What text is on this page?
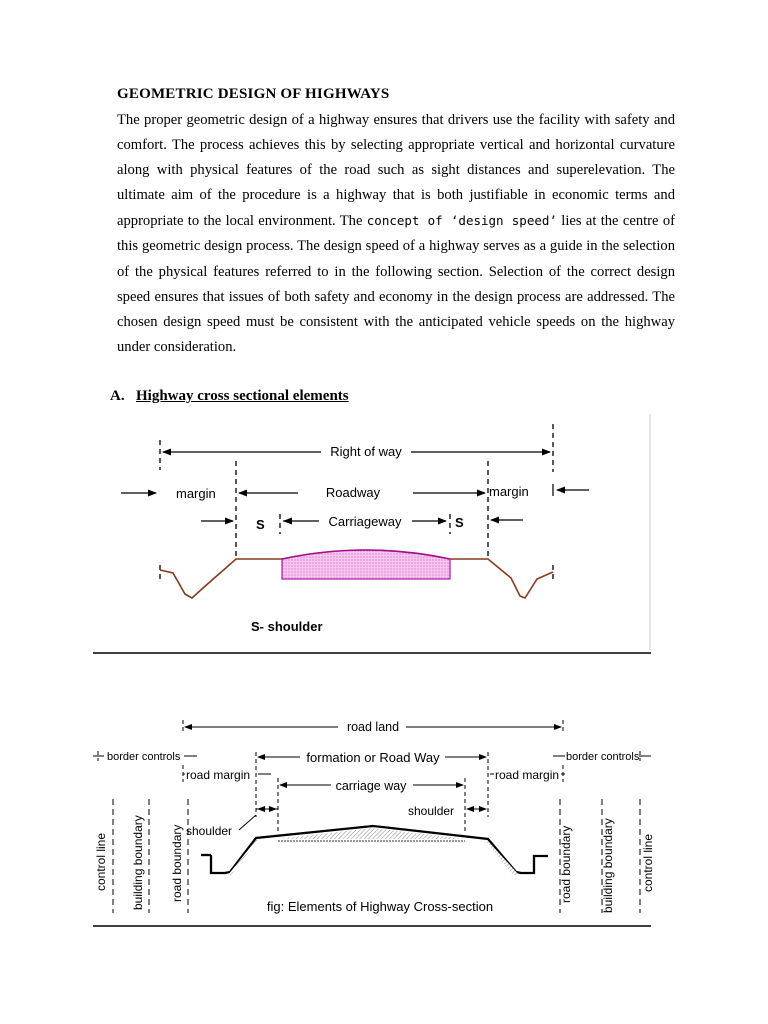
GEOMETRIC DESIGN OF HIGHWAYS

The proper geometric design of a highway ensures that drivers use the facility with safety and comfort. The process achieves this by selecting appropriate vertical and horizontal curvature along with physical features of the road such as sight distances and superelevation. The ultimate aim of the procedure is a highway that is both justifiable in economic terms and appropriate to the local environment. The concept of ‘design speed’ lies at the centre of this geometric design process. The design speed of a highway serves as a guide in the selection of the physical features referred to in the following section. Selection of the correct design speed ensures that issues of both safety and economy in the design process are addressed. The chosen design speed must be consistent with the anticipated vehicle speeds on the highway under consideration.

A. Highway cross sectional elements
Right of way
margin	Roadway	margin
S	Carriageway	S
S- shoulder
road land
border controls	border controls
formation or Road Way
road margin	road margin
carriage way
shoulder
shoulder
control line building boundary road boundary	road boundary building boundary control line
fig: Elements of Highway Cross-section
